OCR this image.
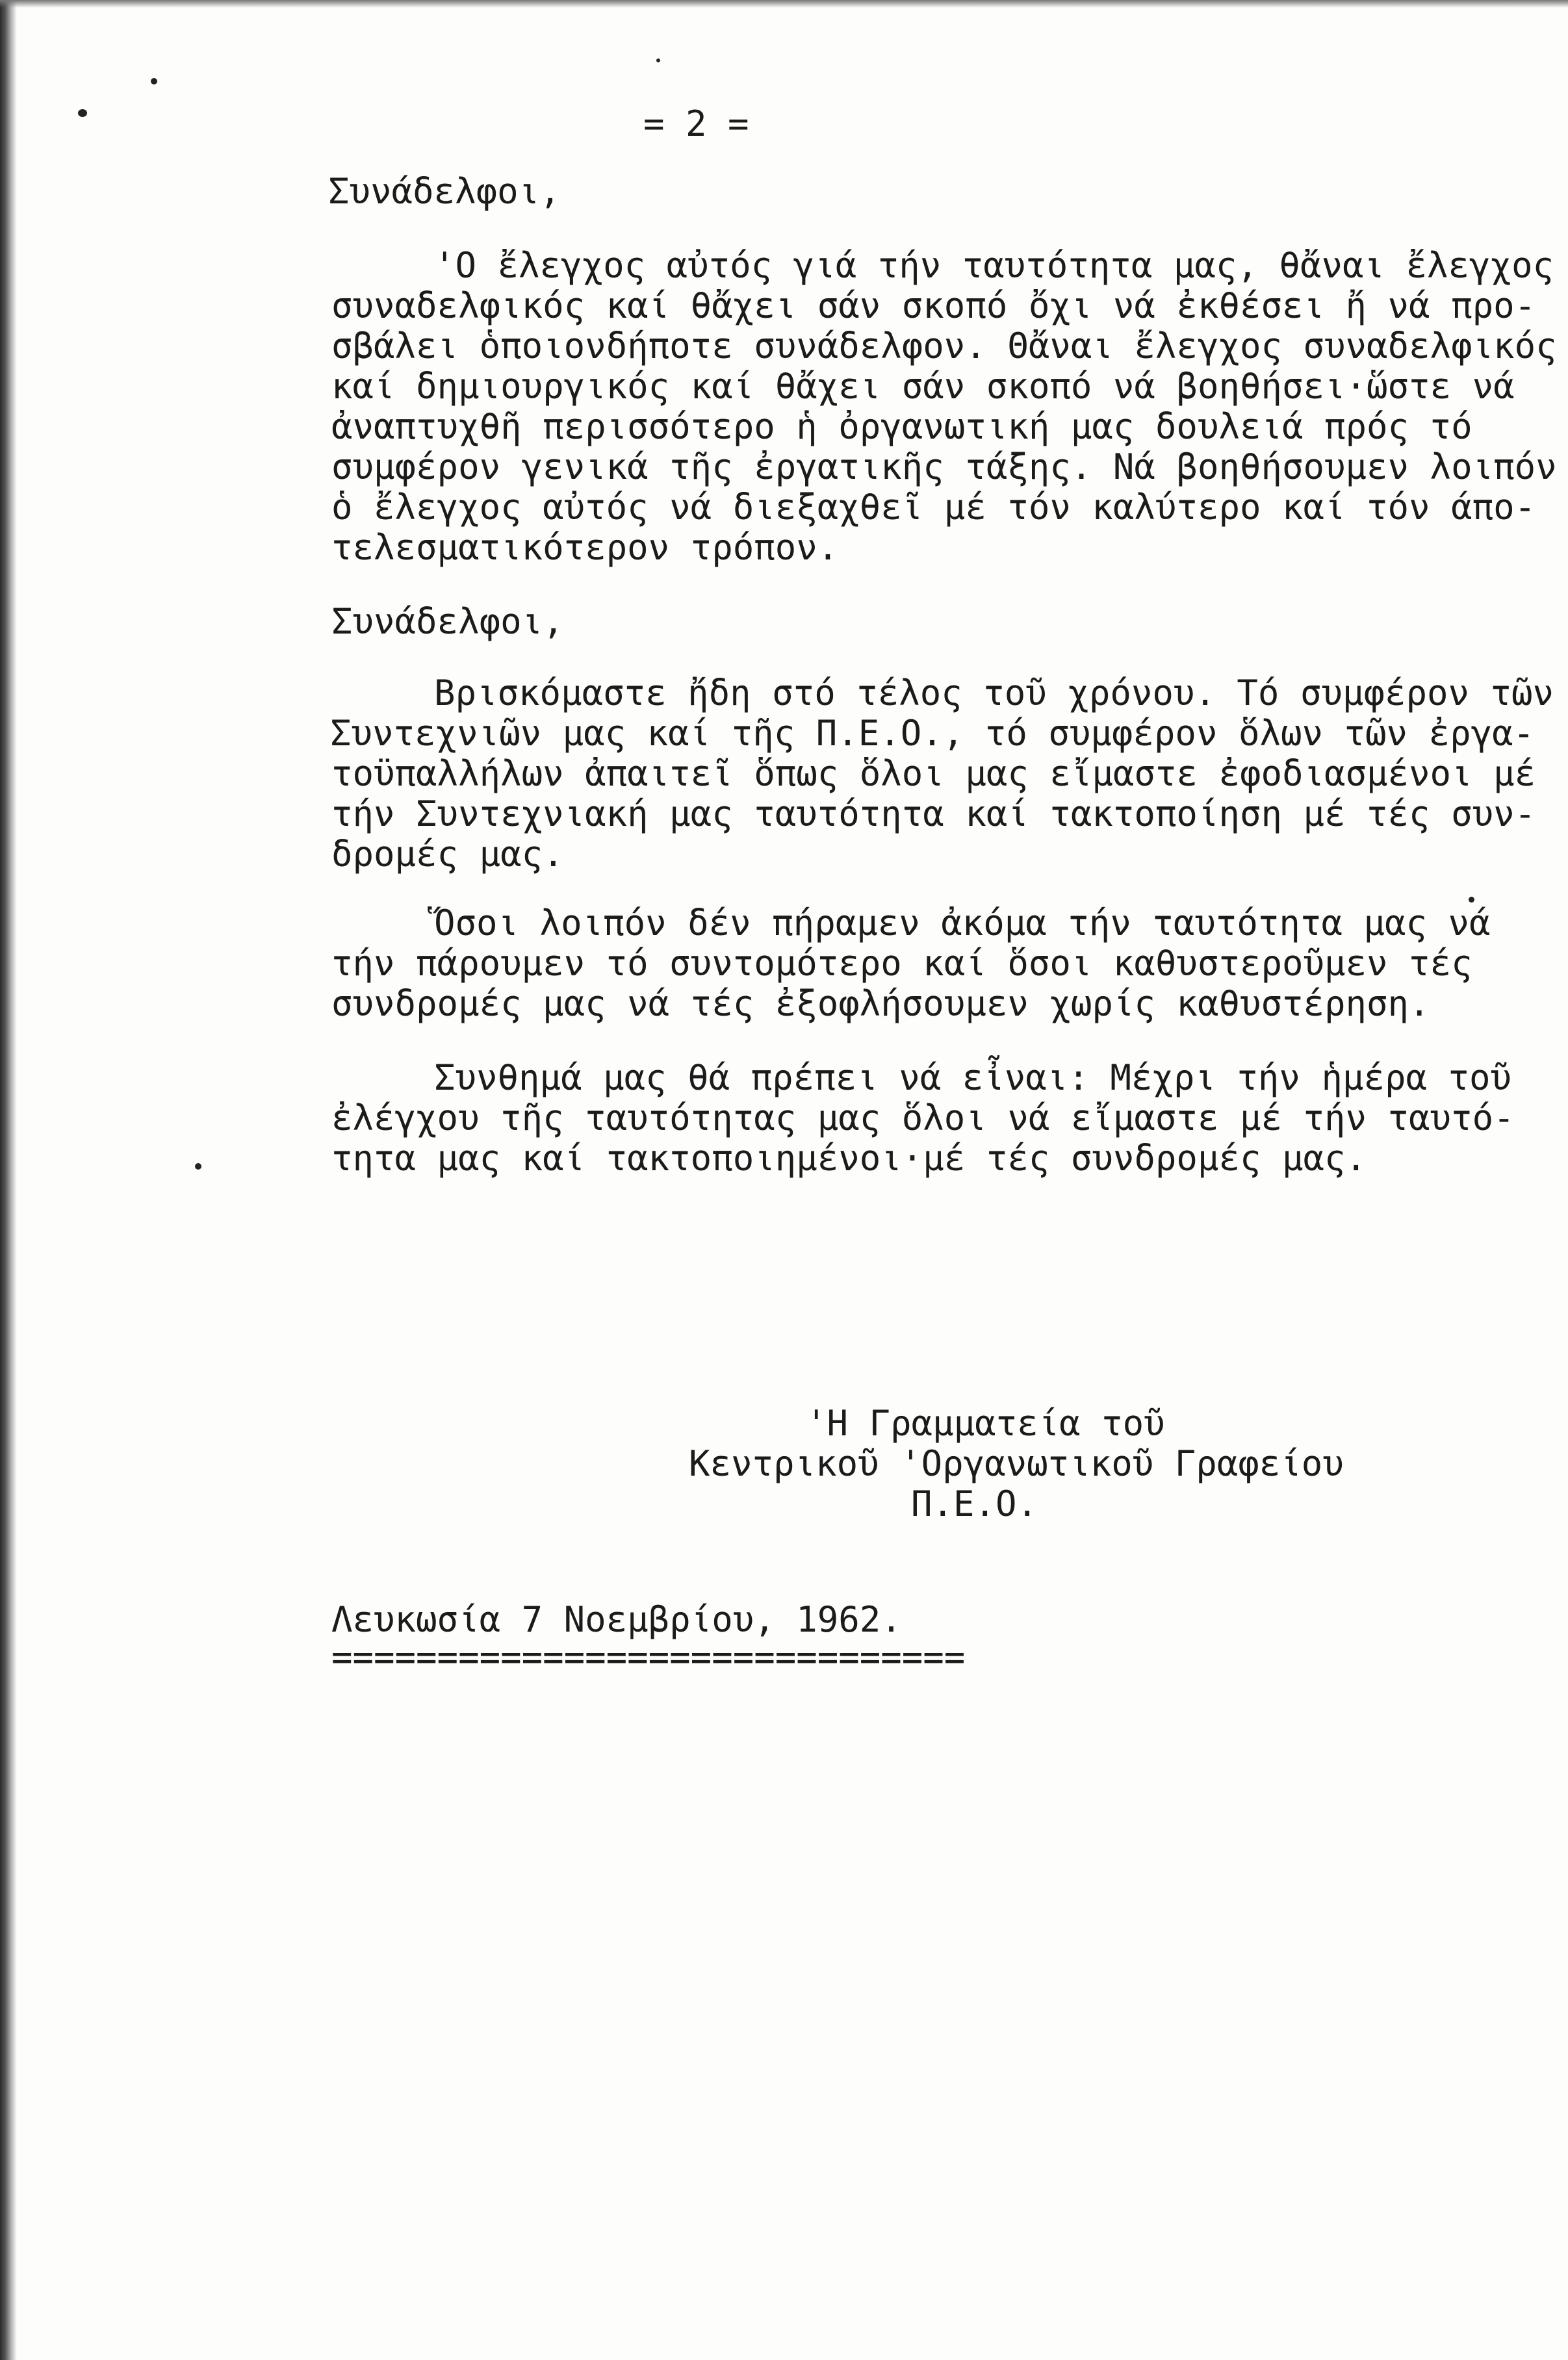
= 2 =
Συνάδελφοι,
'Ο ἔλεγχος αὐτός γιά τήν ταυτότητα μας, θἄναι ἔλεγχος
συναδελφικός καί θἄχει σάν σκοπό ὄχι νά ἐκθέσει ἤ νά προ-
σβάλει ὁποιονδήποτε συνάδελφον. Θἄναι ἔλεγχος συναδελφικός
καί δημιουργικός καί θἄχει σάν σκοπό νά βοηθήσει·ὥστε νά
ἀναπτυχθῆ περισσότερο ἡ ὀργανωτική μας δουλειά πρός τό
συμφέρον γενικά τῆς ἐργατικῆς τάξης. Νά βοηθήσουμεν λοιπόν
ὁ ἔλεγχος αὐτός νά διεξαχθεῖ μέ τόν καλύτερο καί τόν άπο-
τελεσματικότερον τρόπον.
Συνάδελφοι,
Βρισκόμαστε ἤδη στό τέλος τοῦ χρόνου. Τό συμφέρον τῶν
Συντεχνιῶν μας καί τῆς Π.Ε.Ο., τό συμφέρον ὅλων τῶν ἐργα-
τοϋπαλλήλων ἀπαιτεῖ ὅπως ὅλοι μας εἴμαστε ἐφοδιασμένοι μέ
τήν Συντεχνιακή μας ταυτότητα καί τακτοποίηση μέ τές συν-
δρομές μας.
Ὅσοι λοιπόν δέν πήραμεν ἀκόμα τήν ταυτότητα μας νά
τήν πάρουμεν τό συντομότερο καί ὅσοι καθυστεροῦμεν τές
συνδρομές μας νά τές ἐξοφλήσουμεν χωρίς καθυστέρηση.
Συνθημά μας θά πρέπει νά εἶναι: Μέχρι τήν ἡμέρα τοῦ
ἐλέγχου τῆς ταυτότητας μας ὅλοι νά εἴμαστε μέ τήν ταυτό-
τητα μας καί τακτοποιημένοι·μέ τές συνδρομές μας.
'Η Γραμματεία τοῦ
Κεντρικοῦ 'Οργανωτικοῦ Γραφείου
Π.Ε.Ο.
Λευκωσία 7 Νοεμβρίου, 1962.
==============================
